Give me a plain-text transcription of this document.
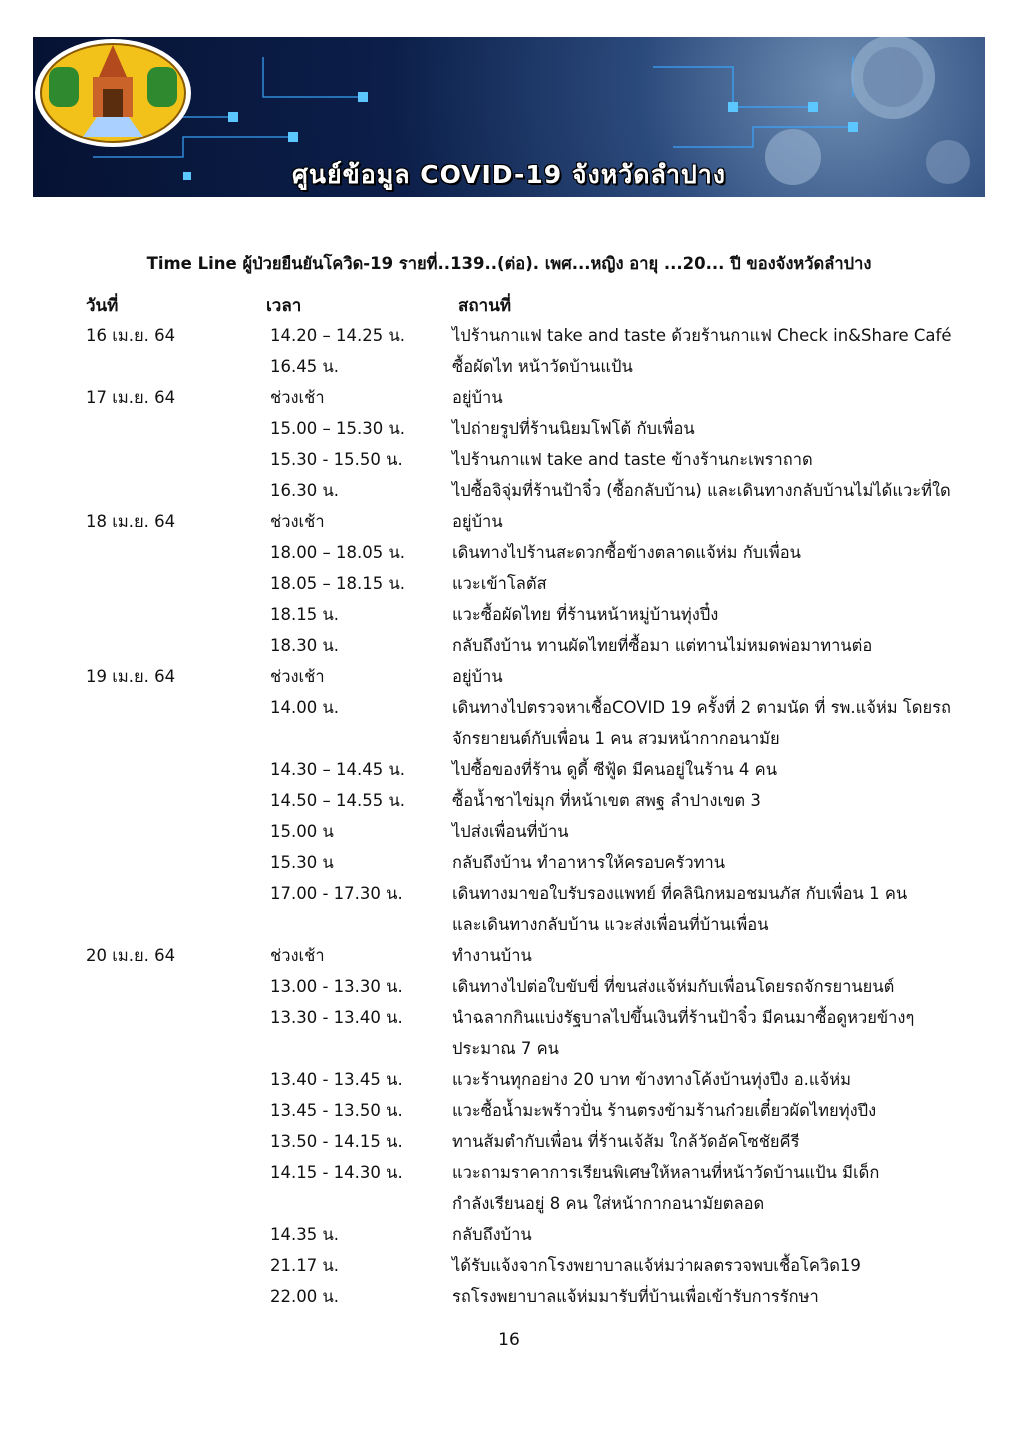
ศูนย์ข้อมูล COVID-19 จังหวัดลำปาง
Time Line ผู้ป่วยยืนยันโควิด-19 รายที่..139..(ต่อ). เพศ...หญิง อายุ ...20... ปี ของจังหวัดลำปาง
วันที่	เวลา	สถานที่
16 เม.ย. 64	14.20 – 14.25 น.	ไปร้านกาแฟ take and taste ด้วยร้านกาแฟ Check in&Share Café
16.45 น.	ซื้อผัดไท หน้าวัดบ้านแป้น
17 เม.ย. 64	ช่วงเช้า	อยู่บ้าน
15.00 – 15.30 น.	ไปถ่ายรูปที่ร้านนิยมโฟโต้ กับเพื่อน
15.30 - 15.50 น.	ไปร้านกาแฟ take and taste ข้างร้านกะเพราถาด
16.30 น.	ไปซื้อจิจุ่มที่ร้านป้าจิ๋ว (ซื้อกลับบ้าน) และเดินทางกลับบ้านไม่ได้แวะที่ใด
18 เม.ย. 64	ช่วงเช้า	อยู่บ้าน
18.00 – 18.05 น.	เดินทางไปร้านสะดวกซื้อข้างตลาดแจ้ห่ม กับเพื่อน
18.05 – 18.15 น.	แวะเข้าโลตัส
18.15 น.	แวะซื้อผัดไทย ที่ร้านหน้าหมู่บ้านทุ่งปึ๋ง
18.30 น.	กลับถึงบ้าน ทานผัดไทยที่ซื้อมา แต่ทานไม่หมดพ่อมาทานต่อ
19 เม.ย. 64	ช่วงเช้า	อยู่บ้าน
14.00 น.	เดินทางไปตรวจหาเชื้อCOVID 19 ครั้งที่ 2 ตามนัด ที่ รพ.แจ้ห่ม โดยรถ
จักรยายนต์กับเพื่อน 1 คน สวมหน้ากากอนามัย
14.30 – 14.45 น.	ไปซื้อของที่ร้าน ดูดี้ ซีฟู้ด มีคนอยู่ในร้าน 4 คน
14.50 – 14.55 น.	ซื้อน้ำชาไข่มุก ที่หน้าเขต สพฐ ลำปางเขต 3
15.00 น	ไปส่งเพื่อนที่บ้าน
15.30 น	กลับถึงบ้าน ทำอาหารให้ครอบครัวทาน
17.00 - 17.30 น.	เดินทางมาขอใบรับรองแพทย์ ที่คลินิกหมอชมนภัส กับเพื่อน 1 คน
และเดินทางกลับบ้าน แวะส่งเพื่อนที่บ้านเพื่อน
20 เม.ย. 64	ช่วงเช้า	ทำงานบ้าน
13.00 - 13.30 น.	เดินทางไปต่อใบขับขี่ ที่ขนส่งแจ้ห่มกับเพื่อนโดยรถจักรยานยนต์
13.30 - 13.40 น.	นำฉลากกินแบ่งรัฐบาลไปขึ้นเงินที่ร้านป้าจิ๋ว มีคนมาซื้อดูหวยข้างๆ
ประมาณ 7 คน
13.40 - 13.45 น.	แวะร้านทุกอย่าง 20 บาท ข้างทางโค้งบ้านทุ่งปึง อ.แจ้ห่ม
13.45 - 13.50 น.	แวะซื้อน้ำมะพร้าวปั่น ร้านตรงข้ามร้านก๋วยเตี๋ยวผัดไทยทุ่งปึง
13.50 - 14.15 น.	ทานส้มตำกับเพื่อน ที่ร้านเจ้ส้ม ใกล้วัดอัคโซชัยคีรี
14.15 - 14.30 น.	แวะถามราคาการเรียนพิเศษให้หลานที่หน้าวัดบ้านแป้น มีเด็ก
กำลังเรียนอยู่ 8 คน ใส่หน้ากากอนามัยตลอด
14.35 น.	กลับถึงบ้าน
21.17 น.	ได้รับแจ้งจากโรงพยาบาลแจ้ห่มว่าผลตรวจพบเชื้อโควิด19
22.00 น.	รถโรงพยาบาลแจ้ห่มมารับที่บ้านเพื่อเข้ารับการรักษา
16
